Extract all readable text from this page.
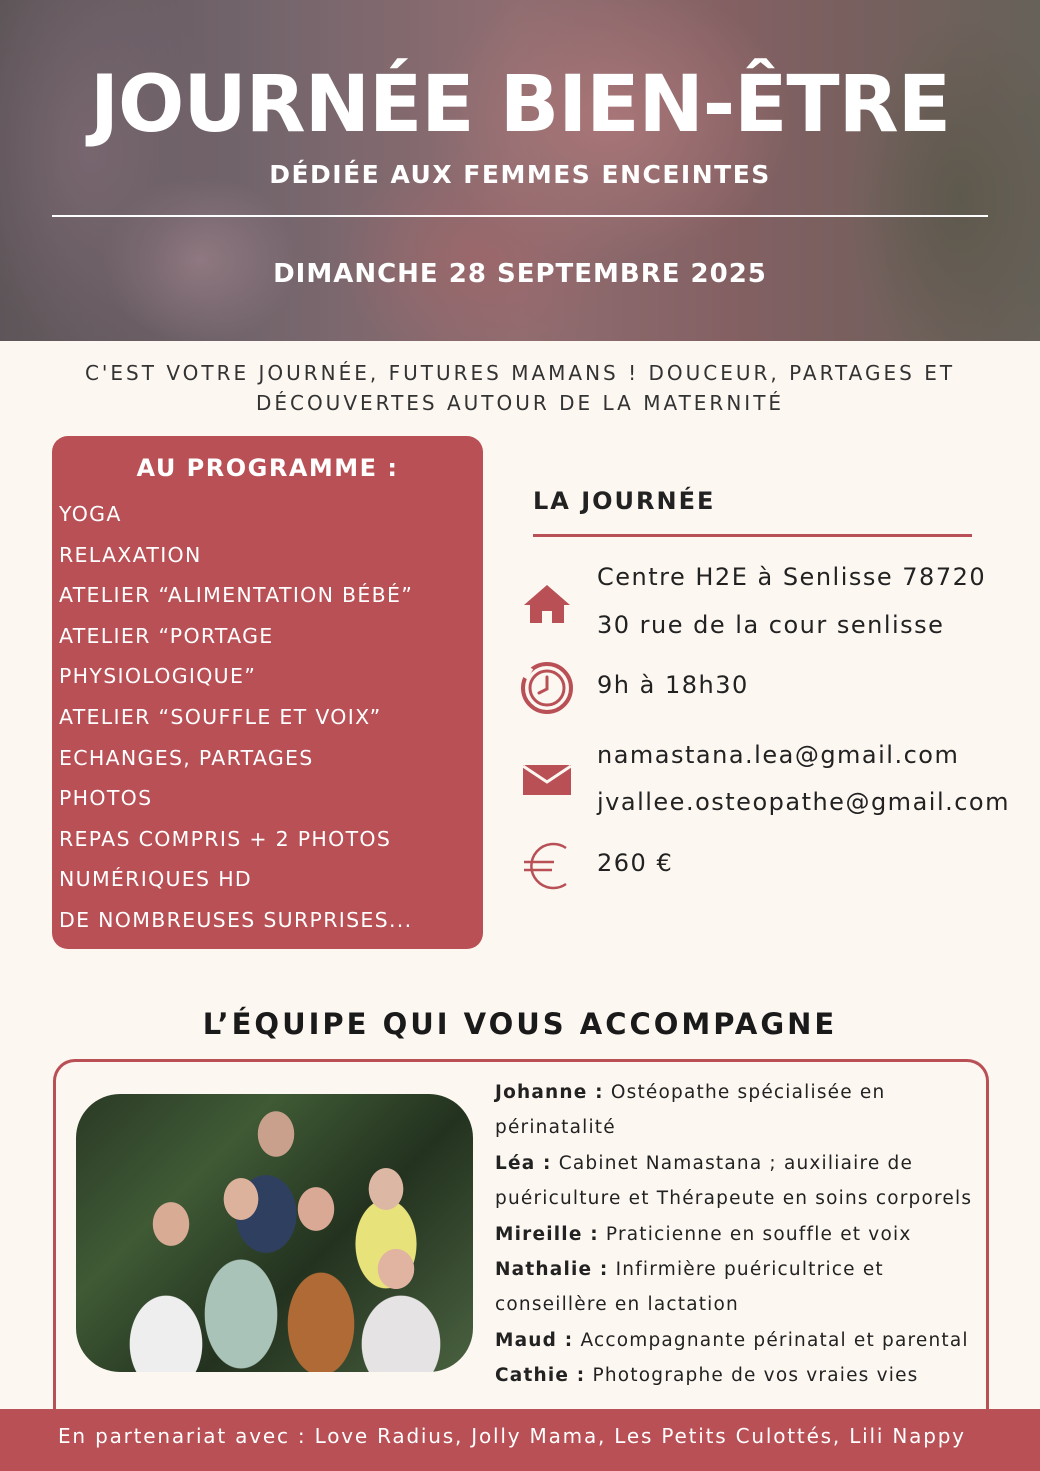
JOURNÉE BIEN-ÊTRE
DÉDIÉE AUX FEMMES ENCEINTES
DIMANCHE 28 SEPTEMBRE 2025
C'EST VOTRE JOURNÉE, FUTURES MAMANS ! DOUCEUR, PARTAGES ET
DÉCOUVERTES AUTOUR DE LA MATERNITÉ
AU PROGRAMME :
YOGA
RELAXATION
ATELIER “ALIMENTATION BÉBÉ”
ATELIER “PORTAGE
PHYSIOLOGIQUE”
ATELIER “SOUFFLE ET VOIX”
ECHANGES, PARTAGES
PHOTOS
REPAS COMPRIS + 2 PHOTOS
NUMÉRIQUES HD
DE NOMBREUSES SURPRISES...
LA JOURNÉE
Centre H2E à Senlisse 78720
30 rue de la cour senlisse
9h à 18h30
namastana.lea@gmail.com
jvallee.osteopathe@gmail.com
260 €
L’ÉQUIPE QUI VOUS ACCOMPAGNE

Johanne : Ostéopathe spécialisée en périnatalité

Léa : Cabinet Namastana ; auxiliaire de puériculture et Thérapeute en soins corporels

Mireille : Praticienne en souffle et voix

Nathalie : Infirmière puéricultrice et conseillère en lactation

Maud : Accompagnante périnatal et parental

Cathie : Photographe de vos vraies vies

En partenariat avec : Love Radius, Jolly Mama, Les Petits Culottés, Lili Nappy
